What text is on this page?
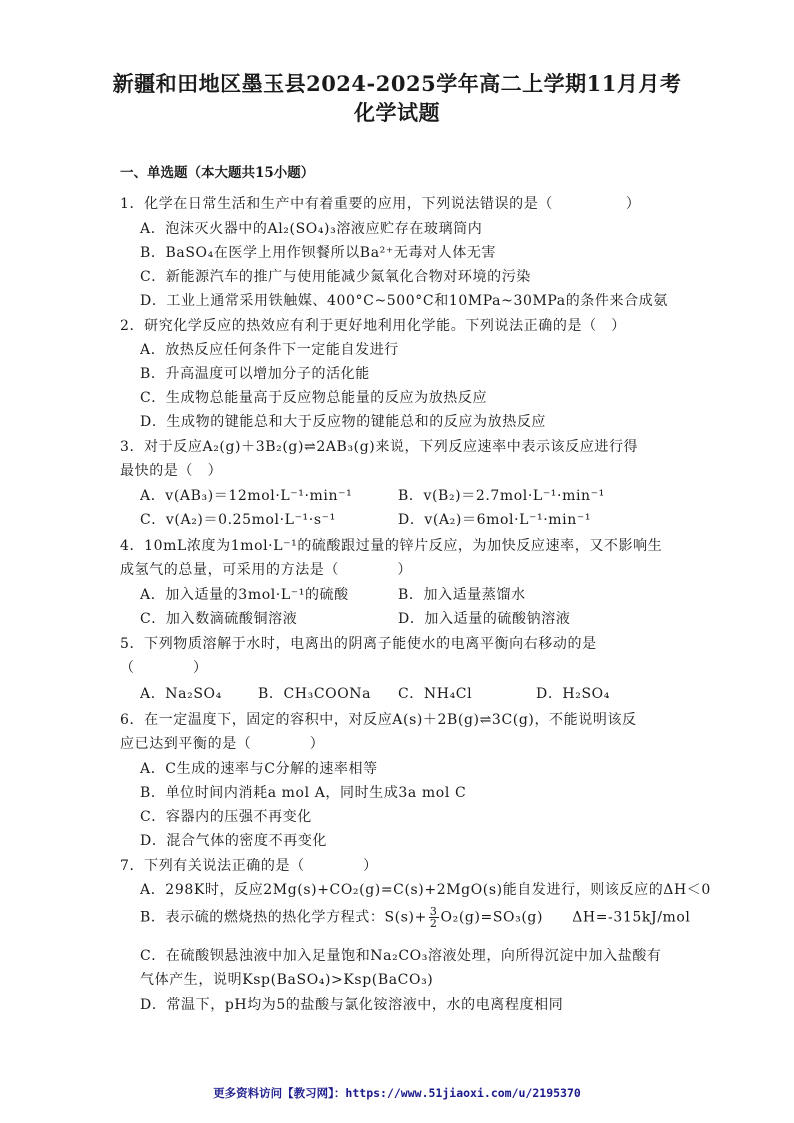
新疆和田地区墨玉县2024-2025学年高二上学期11月月考
化学试题
一、单选题（本大题共15小题）
1．化学在日常生活和生产中有着重要的应用，下列说法错误的是（　　　　　）
A．泡沫灭火器中的Al₂(SO₄)₃溶液应贮存在玻璃筒内
B．BaSO₄在医学上用作钡餐所以Ba²⁺无毒对人体无害
C．新能源汽车的推广与使用能减少氮氧化合物对环境的污染
D．工业上通常采用铁触媒、400°C~500°C和10MPa~30MPa的条件来合成氨
2．研究化学反应的热效应有利于更好地利用化学能。下列说法正确的是（　）
A．放热反应任何条件下一定能自发进行
B．升高温度可以增加分子的活化能
C．生成物总能量高于反应物总能量的反应为放热反应
D．生成物的键能总和大于反应物的键能总和的反应为放热反应
3．对于反应A₂(g)＋3B₂(g)⇌2AB₃(g)来说，下列反应速率中表示该反应进行得
最快的是（　）
A．v(AB₃)＝12mol·L⁻¹·min⁻¹	B．v(B₂)＝2.7mol·L⁻¹·min⁻¹
C．v(A₂)＝0.25mol·L⁻¹·s⁻¹	D．v(A₂)＝6mol·L⁻¹·min⁻¹
4．10mL浓度为1mol·L⁻¹的硫酸跟过量的锌片反应，为加快反应速率，又不影响生
成氢气的总量，可采用的方法是（　　　　）
A．加入适量的3mol·L⁻¹的硫酸	B．加入适量蒸馏水
C．加入数滴硫酸铜溶液	D．加入适量的硫酸钠溶液
5．下列物质溶解于水时，电离出的阴离子能使水的电离平衡向右移动的是
（　　　　）
A．Na₂SO₄	B．CH₃COONa C．NH₄Cl	D．H₂SO₄
6．在一定温度下，固定的容积中，对反应A(s)＋2B(g)⇌3C(g)，不能说明该反
应已达到平衡的是（　　　　）
A．C生成的速率与C分解的速率相等
B．单位时间内消耗a mol A，同时生成3a mol C
C．容器内的压强不再变化
D．混合气体的密度不再变化
7．下列有关说法正确的是（　　　　）
A．298K时，反应2Mg(s)+CO₂(g)=C(s)+2MgO(s)能自发进行，则该反应的ΔH＜0
B．表示硫的燃烧热的热化学方程式：$S(s)+ \frac{3}{2} O_2(g)=SO_3(g)$　　ΔH=-315kJ/mol
C．在硫酸钡悬浊液中加入足量饱和Na₂CO₃溶液处理，向所得沉淀中加入盐酸有
气体产生，说明Ksp(BaSO₄)>Ksp(BaCO₃)
D．常温下，pH均为5的盐酸与氯化铵溶液中，水的电离程度相同
更多资料访问【教习网】：https://www.51jiaoxi.com/u/2195370
